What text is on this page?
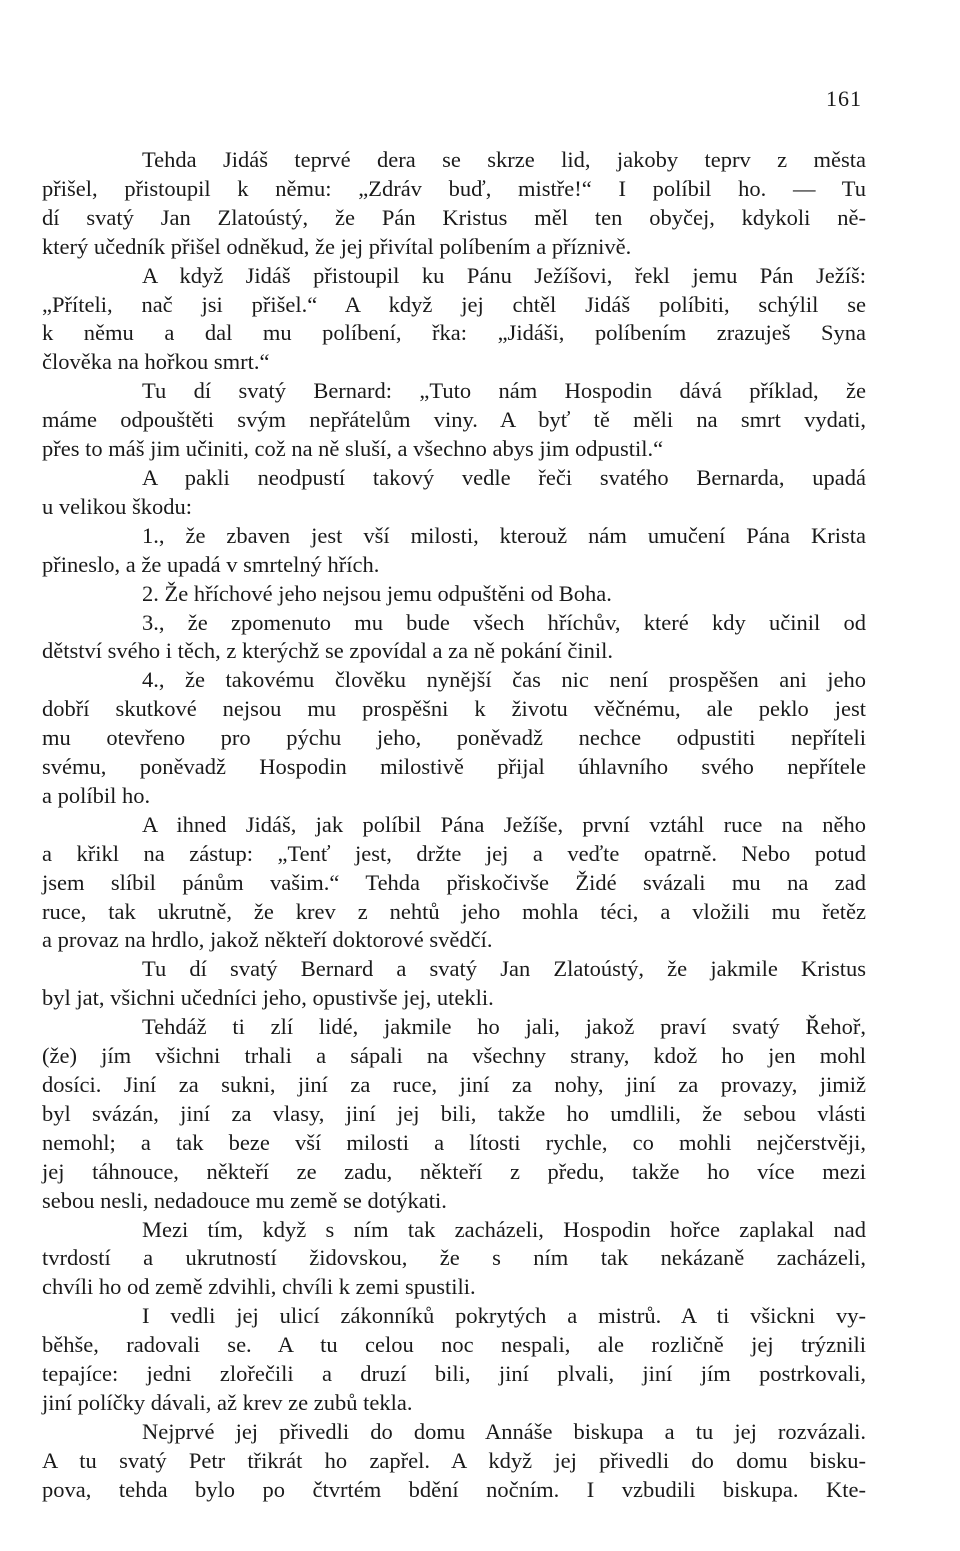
161
Tehda Jidáš teprvé dera se skrze lid, jakoby teprv z města
přišel, přistoupil k němu: „Zdráv buď, mistře!“ I políbil ho. — Tu
dí svatý Jan Zlatoústý, že Pán Kristus měl ten obyčej, kdykoli ně-
který učedník přišel odněkud, že jej přivítal políbením a příznivě.
A když Jidáš přistoupil ku Pánu Ježíšovi, řekl jemu Pán Ježíš:
„Příteli, nač jsi přišel.“ A když jej chtěl Jidáš políbiti, schýlil se
k němu a dal mu políbení, řka: „Jidáši, políbením zrazuješ Syna
člověka na hořkou smrt.“
Tu dí svatý Bernard: „Tuto nám Hospodin dává příklad, že
máme odpouštěti svým nepřátelům viny. A byť tě měli na smrt vydati,
přes to máš jim učiniti, což na ně sluší, a všechno abys jim odpustil.“
A pakli neodpustí takový vedle řeči svatého Bernarda, upadá
u velikou škodu:
1., že zbaven jest vší milosti, kterouž nám umučení Pána Krista
přineslo, a že upadá v smrtelný hřích.
2. Že hříchové jeho nejsou jemu odpuštěni od Boha.
3., že zpomenuto mu bude všech hříchův, které kdy učinil od
dětství svého i těch, z kterýchž se zpovídal a za ně pokání činil.
4., že takovému člověku nynější čas nic není prospěšen ani jeho
dobří skutkové nejsou mu prospěšni k životu věčnému, ale peklo jest
mu otevřeno pro pýchu jeho, poněvadž nechce odpustiti nepříteli
svému, poněvadž Hospodin milostivě přijal úhlavního svého nepřítele
a políbil ho.
A ihned Jidáš, jak políbil Pána Ježíše, první vztáhl ruce na něho
a křikl na zástup: „Tenť jest, držte jej a veďte opatrně. Nebo potud
jsem slíbil pánům vašim.“ Tehda přiskočivše Židé svázali mu na zad
ruce, tak ukrutně, že krev z nehtů jeho mohla téci, a vložili mu řetěz
a provaz na hrdlo, jakož někteří doktorové svědčí.
Tu dí svatý Bernard a svatý Jan Zlatoústý, že jakmile Kristus
byl jat, všichni učedníci jeho, opustivše jej, utekli.
Tehdáž ti zlí lidé, jakmile ho jali, jakož praví svatý Řehoř,
(že) jím všichni trhali a sápali na všechny strany, kdož ho jen mohl
dosíci. Jiní za sukni, jiní za ruce, jiní za nohy, jiní za provazy, jimiž
byl svázán, jiní za vlasy, jiní jej bili, takže ho umdlili, že sebou vlásti
nemohl; a tak beze vší milosti a lítosti rychle, co mohli nejčerstvěji,
jej táhnouce, někteří ze zadu, někteří z předu, takže ho více mezi
sebou nesli, nedadouce mu země se dotýkati.
Mezi tím, když s ním tak zacházeli, Hospodin hořce zaplakal nad
tvrdostí a ukrutností židovskou, že s ním tak nekázaně zacházeli,
chvíli ho od země zdvihli, chvíli k zemi spustili.
I vedli jej ulicí zákonníků pokrytých a mistrů. A ti všickni vy-
běhše, radovali se. A tu celou noc nespali, ale rozličně jej trýznili
tepajíce: jedni zlořečili a druzí bili, jiní plvali, jiní jím postrkovali,
jiní políčky dávali, až krev ze zubů tekla.
Nejprvé jej přivedli do domu Annáše biskupa a tu jej rozvázali.
A tu svatý Petr třikrát ho zapřel. A když jej přivedli do domu bisku-
pova, tehda bylo po čtvrtém bdění nočním. I vzbudili biskupa. Kte-
